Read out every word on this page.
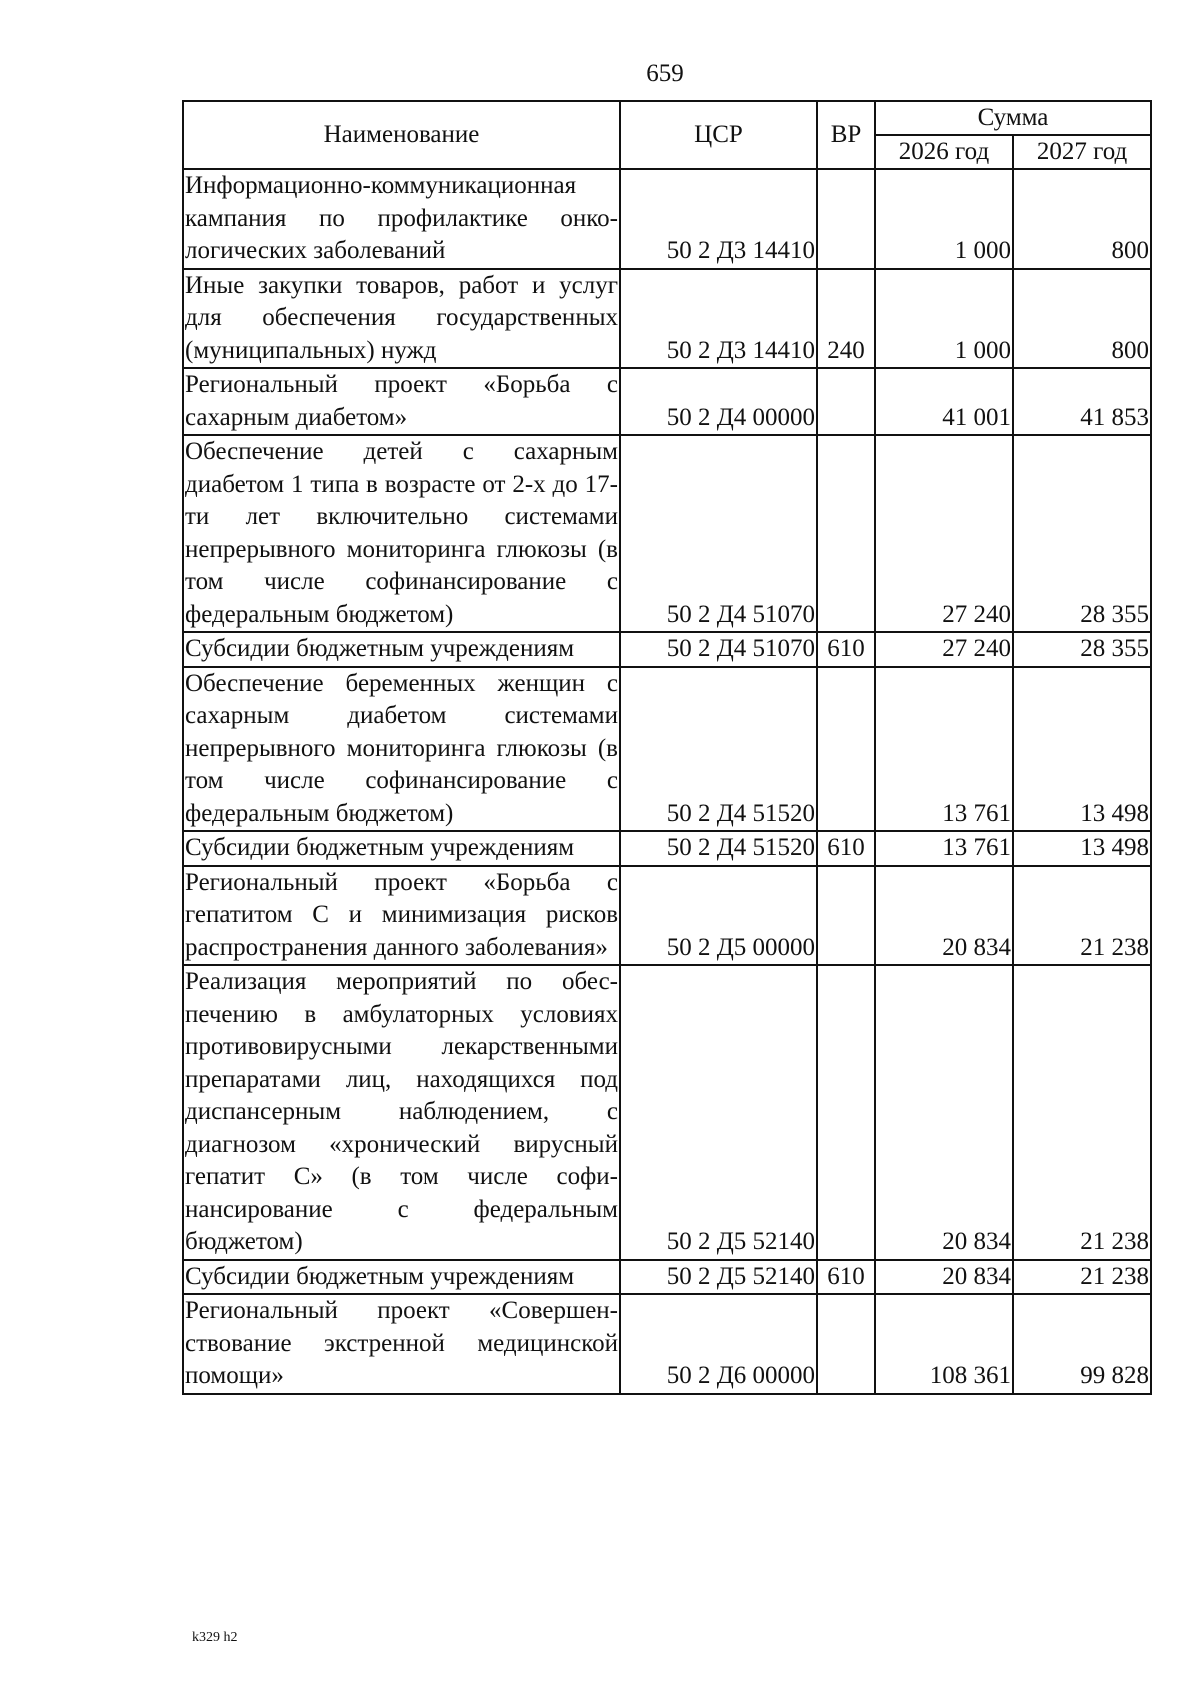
659
Наименование	ЦСР	ВР	Сумма	
			2026 год	2027 год
Информационно-коммуникационная кампания по профилактике онкологических заболеваний	50 2 Д3 14410		1 000	800
Иные закупки товаров, работ и услуг для обеспечения государственных (муниципальных) нужд	50 2 Д3 14410	240	1 000	800
Региональный проект «Борьба с сахарным диабетом»	50 2 Д4 00000		41 001	41 853
Обеспечение детей с сахарным диабетом 1 типа в возрасте от 2-х до 17-ти лет включительно системами непрерывного мониторинга глюкозы (в том числе софинансирование с федеральным бюджетом)	50 2 Д4 51070		27 240	28 355
Субсидии бюджетным учреждениям	50 2 Д4 51070	610	27 240	28 355
Обеспечение беременных женщин с сахарным диабетом системами непрерывного мониторинга глюкозы (в том числе софинансирование с федеральным бюджетом)	50 2 Д4 51520		13 761	13 498
Субсидии бюджетным учреждениям	50 2 Д4 51520	610	13 761	13 498
Региональный проект «Борьба с гепатитом С и минимизация рисков распространения данного заболевания»	50 2 Д5 00000		20 834	21 238
Реализация мероприятий по обеспечению в амбулаторных условиях противовирусными лекарственными препаратами лиц, находящихся под диспансерным наблюдением, с диагнозом «хронический вирусный гепатит С» (в том числе софинансирование с федеральным бюджетом)	50 2 Д5 52140		20 834	21 238
Субсидии бюджетным учреждениям	50 2 Д5 52140	610	20 834	21 238
Региональный проект «Совершенствование экстренной медицинской помощи»	50 2 Д6 00000		108 361	99 828
k329 h2
